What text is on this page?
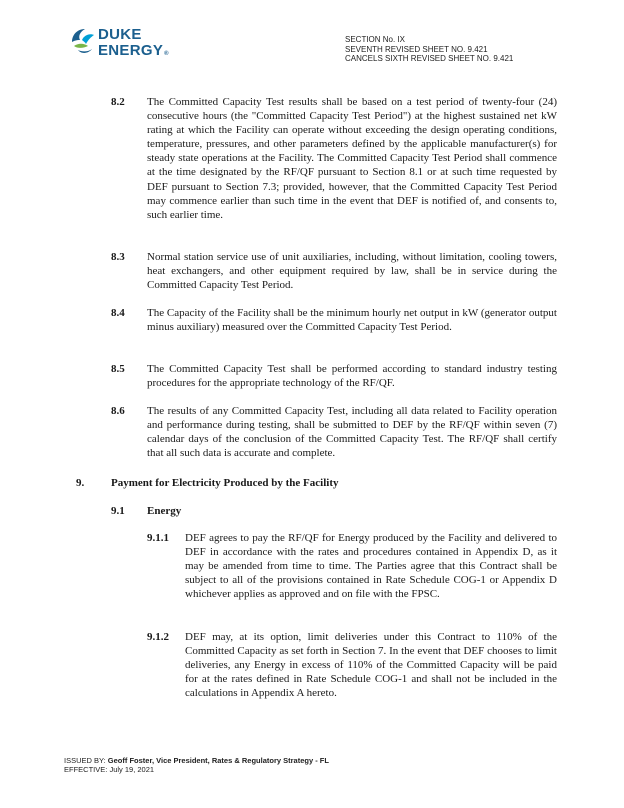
DUKE
ENERGY®
SECTION No. IX
SEVENTH REVISED SHEET NO. 9.421
CANCELS SIXTH REVISED SHEET NO. 9.421
8.2 The Committed Capacity Test results shall be based on a test period of twenty-four (24) consecutive hours (the "Committed Capacity Test Period") at the highest sustained net kW rating at which the Facility can operate without exceeding the design operating conditions, temperature, pressures, and other parameters defined by the applicable manufacturer(s) for steady state operations at the Facility. The Committed Capacity Test Period shall commence at the time designated by the RF/QF pursuant to Section 8.1 or at such time requested by DEF pursuant to Section 7.3; provided, however, that the Committed Capacity Test Period may commence earlier than such time in the event that DEF is notified of, and consents to, such earlier time.
8.3 Normal station service use of unit auxiliaries, including, without limitation, cooling towers, heat exchangers, and other equipment required by law, shall be in service during the Committed Capacity Test Period.
8.4 The Capacity of the Facility shall be the minimum hourly net output in kW (generator output minus auxiliary) measured over the Committed Capacity Test Period.
8.5 The Committed Capacity Test shall be performed according to standard industry testing procedures for the appropriate technology of the RF/QF.
8.6 The results of any Committed Capacity Test, including all data related to Facility operation and performance during testing, shall be submitted to DEF by the RF/QF within seven (7) calendar days of the conclusion of the Committed Capacity Test. The RF/QF shall certify that all such data is accurate and complete.
9. Payment for Electricity Produced by the Facility
9.1 Energy
9.1.1 DEF agrees to pay the RF/QF for Energy produced by the Facility and delivered to DEF in accordance with the rates and procedures contained in Appendix D, as it may be amended from time to time. The Parties agree that this Contract shall be subject to all of the provisions contained in Rate Schedule COG-1 or Appendix D whichever applies as approved and on file with the FPSC.
9.1.2 DEF may, at its option, limit deliveries under this Contract to 110% of the Committed Capacity as set forth in Section 7. In the event that DEF chooses to limit deliveries, any Energy in excess of 110% of the Committed Capacity will be paid for at the rates defined in Rate Schedule COG-1 and shall not be included in the calculations in Appendix A hereto.
ISSUED BY: Geoff Foster, Vice President, Rates & Regulatory Strategy - FL
EFFECTIVE: July 19, 2021
